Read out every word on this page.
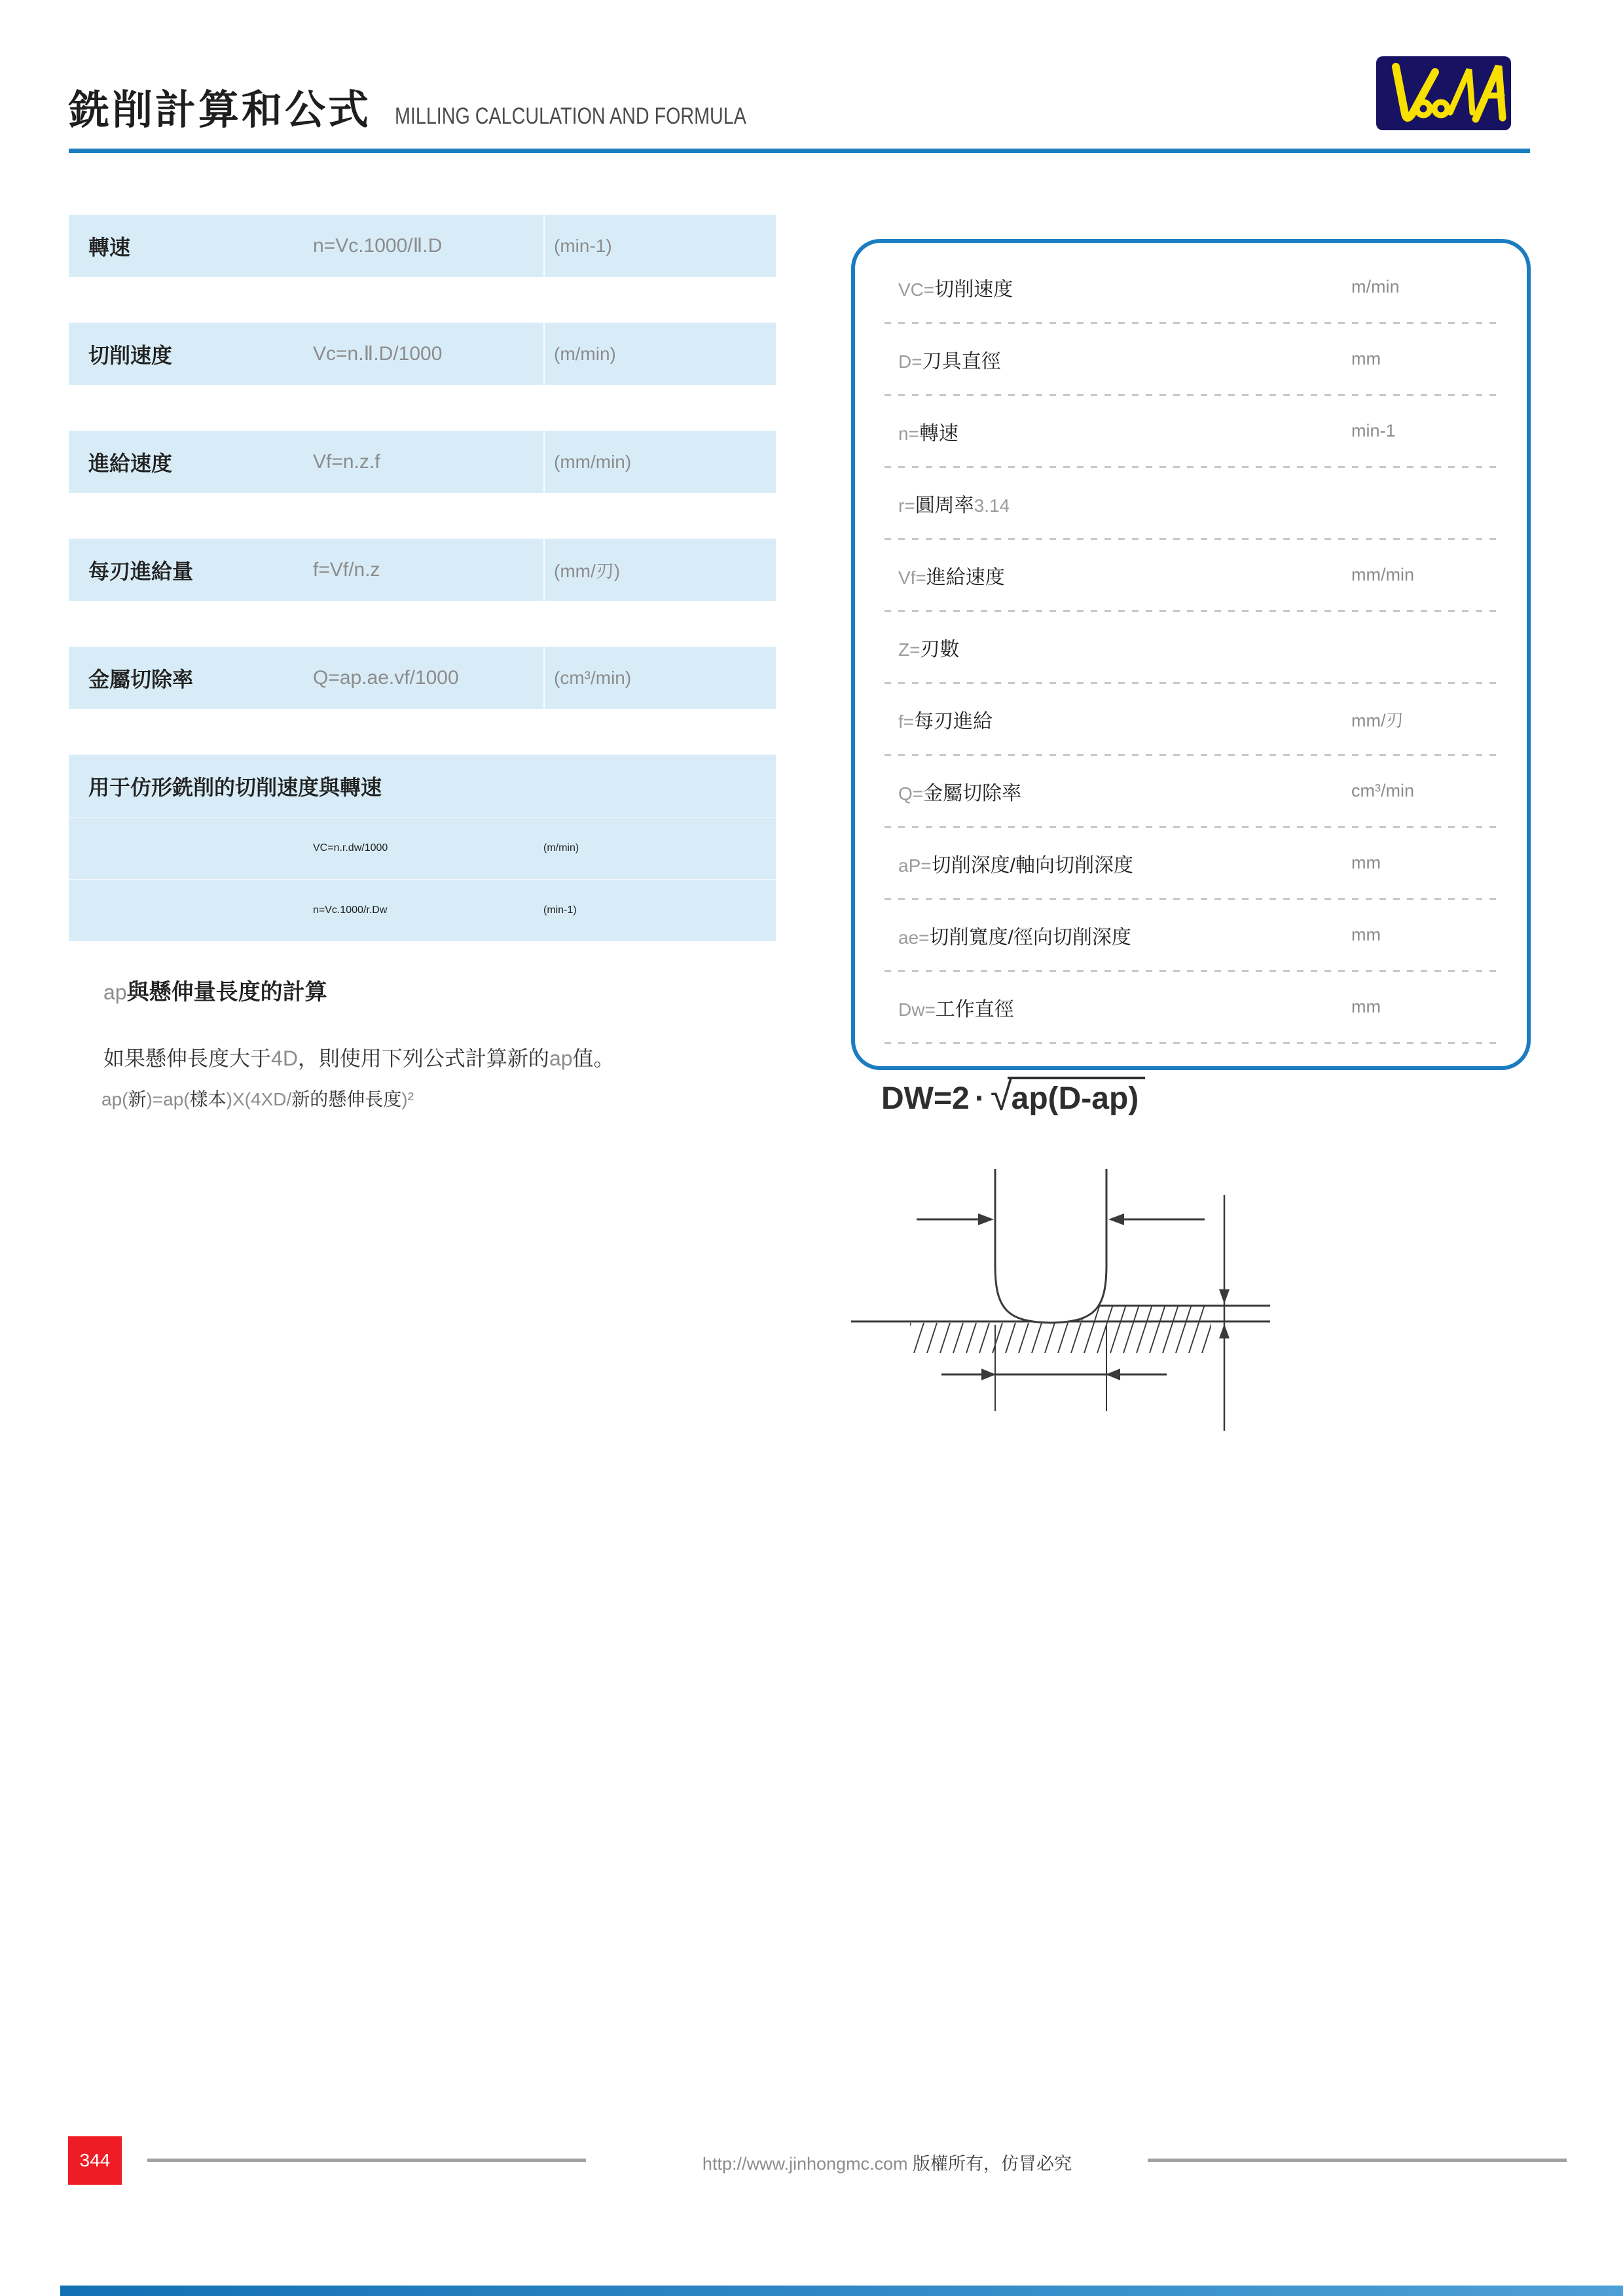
銑削計算和公式 MILLING CALCULATION AND FORMULA
轉速	n=Vc.1000/Ⅱ.D	(min-1)
切削速度	Vc=n.Ⅱ.D/1000	(m/min)
進給速度	Vf=n.z.f	(mm/min)
每刃進給量	f=Vf/n.z	(mm/刃)
金屬切除率	Q=ap.ae.vf/1000	(cm³/min)
用于仿形銑削的切削速度與轉速
VC=n.r.dw/1000	(m/min)
n=Vc.1000/r.Dw	(min-1)
ap與懸伸量長度的計算
如果懸伸長度大于4D，則使用下列公式計算新的ap值。
ap(新)=ap(樣本)X(4XD/新的懸伸長度)²
VC=切削速度	m/min
D=刀具直徑	mm
n=轉速	min-1
r=圓周率3.14
Vf=進給速度	mm/min
Z=刃數
f=每刃進給	mm/刃
Q=金屬切除率	cm³/min
aP=切削深度/軸向切削深度	mm
ae=切削寬度/徑向切削深度	mm
Dw=工作直徑	mm
DW=2 · √ ap(D-ap)
344	http://www.jinhongmc.com 版權所有，仿冒必究
